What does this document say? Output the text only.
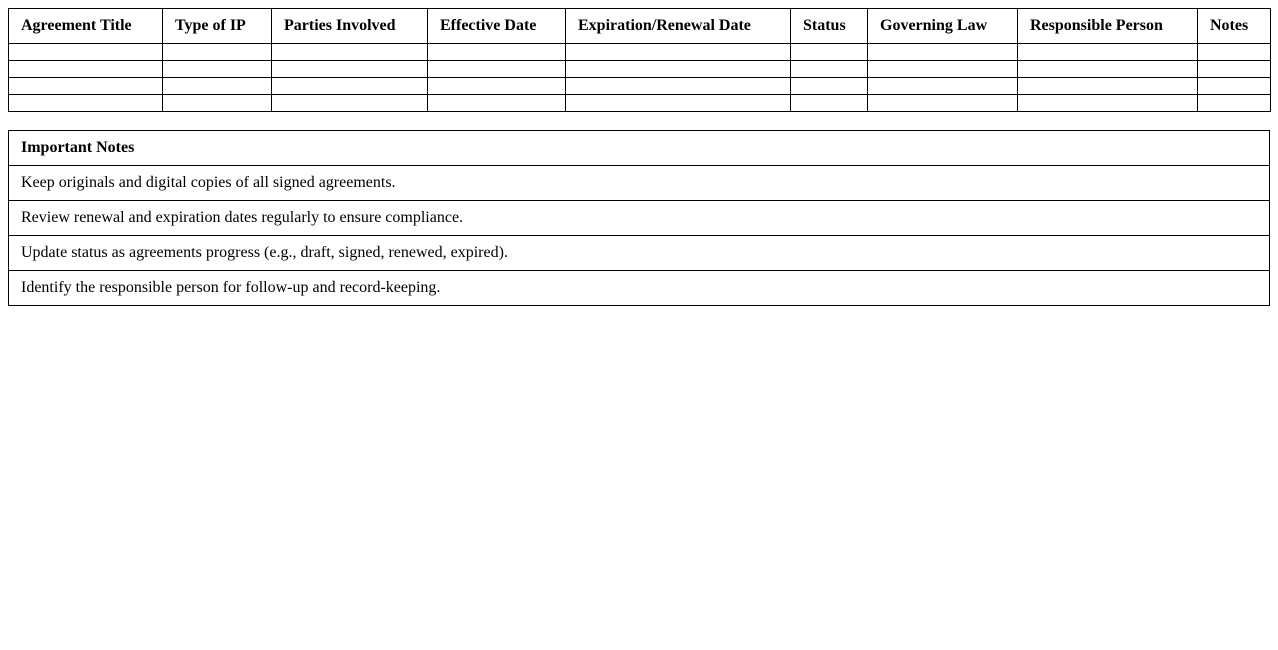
Agreement Title	Type of IP	Parties Involved	Effective Date	Expiration/Renewal Date	Status	Governing Law	Responsible Person	Notes

Important Notes
Keep originals and digital copies of all signed agreements.
Review renewal and expiration dates regularly to ensure compliance.
Update status as agreements progress (e.g., draft, signed, renewed, expired).
Identify the responsible person for follow-up and record-keeping.
